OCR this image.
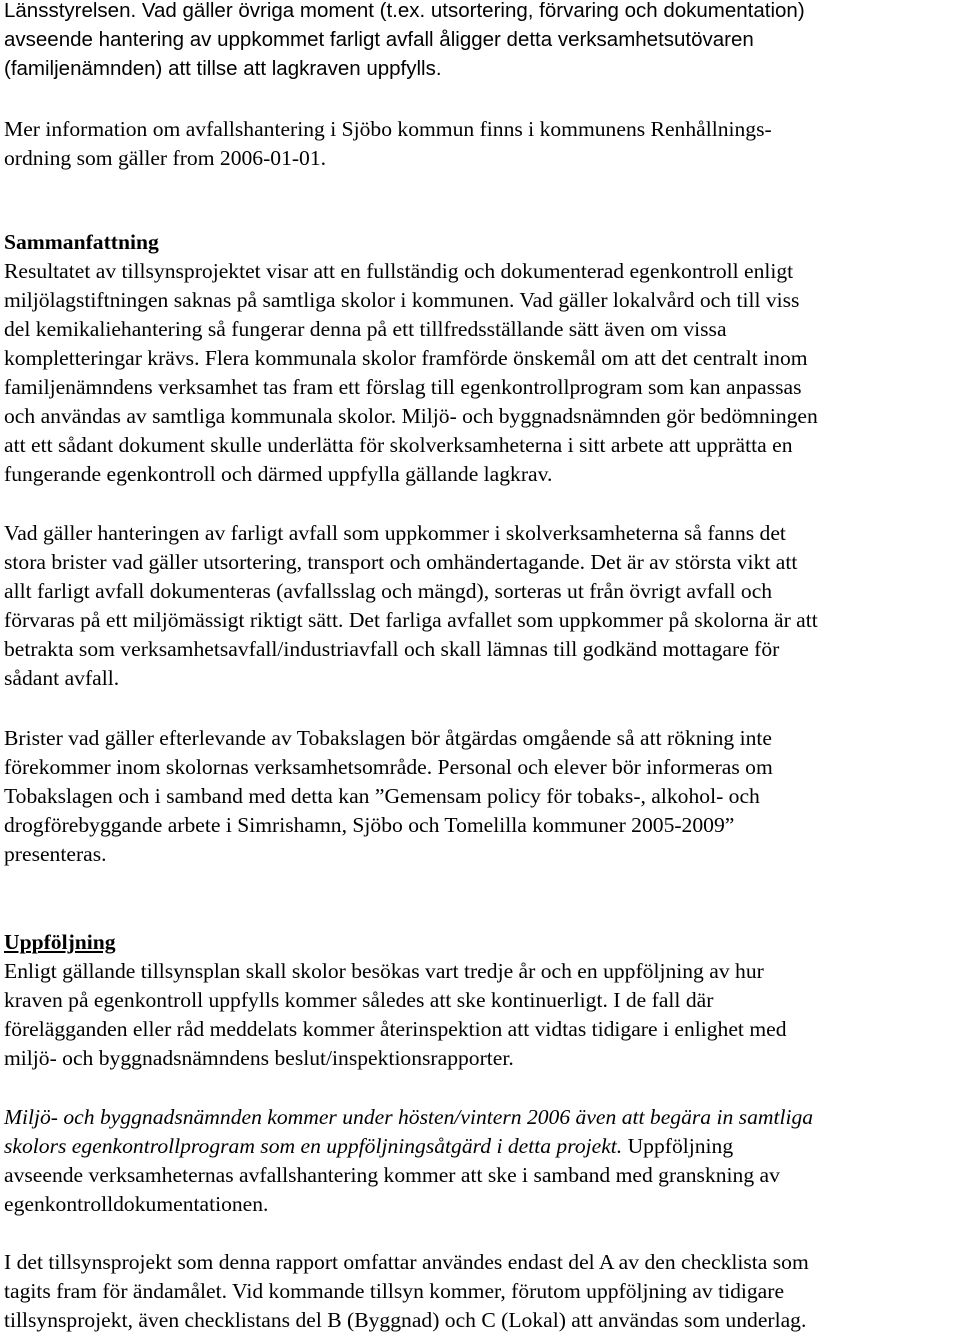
Länsstyrelsen. Vad gäller övriga moment (t.ex. utsortering, förvaring och dokumentation)

avseende hantering av uppkommet farligt avfall åligger detta verksamhetsutövaren

(familjenämnden) att tillse att lagkraven uppfylls.

Mer information om avfallshantering i Sjöbo kommun finns i kommunens Renhållnings-

ordning som gäller from 2006-01-01.

Sammanfattning

Resultatet av tillsynsprojektet visar att en fullständig och dokumenterad egenkontroll enligt

miljölagstiftningen saknas på samtliga skolor i kommunen. Vad gäller lokalvård och till viss

del kemikaliehantering så fungerar denna på ett tillfredsställande sätt även om vissa

kompletteringar krävs. Flera kommunala skolor framförde önskemål om att det centralt inom

familjenämndens verksamhet tas fram ett förslag till egenkontrollprogram som kan anpassas

och användas av samtliga kommunala skolor. Miljö- och byggnadsnämnden gör bedömningen

att ett sådant dokument skulle underlätta för skolverksamheterna i sitt arbete att upprätta en

fungerande egenkontroll och därmed uppfylla gällande lagkrav.

Vad gäller hanteringen av farligt avfall som uppkommer i skolverksamheterna så fanns det

stora brister vad gäller utsortering, transport och omhändertagande. Det är av största vikt att

allt farligt avfall dokumenteras (avfallsslag och mängd), sorteras ut från övrigt avfall och

förvaras på ett miljömässigt riktigt sätt. Det farliga avfallet som uppkommer på skolorna är att

betrakta som verksamhetsavfall/industriavfall och skall lämnas till godkänd mottagare för

sådant avfall.

Brister vad gäller efterlevande av Tobakslagen bör åtgärdas omgående så att rökning inte

förekommer inom skolornas verksamhetsområde. Personal och elever bör informeras om

Tobakslagen och i samband med detta kan ”Gemensam policy för tobaks-, alkohol- och

drogförebyggande arbete i Simrishamn, Sjöbo och Tomelilla kommuner 2005-2009”

presenteras.

Uppföljning

Enligt gällande tillsynsplan skall skolor besökas vart tredje år och en uppföljning av hur

kraven på egenkontroll uppfylls kommer således att ske kontinuerligt. I de fall där

förelägganden eller råd meddelats kommer återinspektion att vidtas tidigare i enlighet med

miljö- och byggnadsnämndens beslut/inspektionsrapporter.

Miljö- och byggnadsnämnden kommer under hösten/vintern 2006 även att begära in samtliga

skolors egenkontrollprogram som en uppföljningsåtgärd i detta projekt. Uppföljning

avseende verksamheternas avfallshantering kommer att ske i samband med granskning av

egenkontrolldokumentationen.

I det tillsynsprojekt som denna rapport omfattar användes endast del A av den checklista som

tagits fram för ändamålet. Vid kommande tillsyn kommer, förutom uppföljning av tidigare

tillsynsprojekt, även checklistans del B (Byggnad) och C (Lokal) att användas som underlag.
